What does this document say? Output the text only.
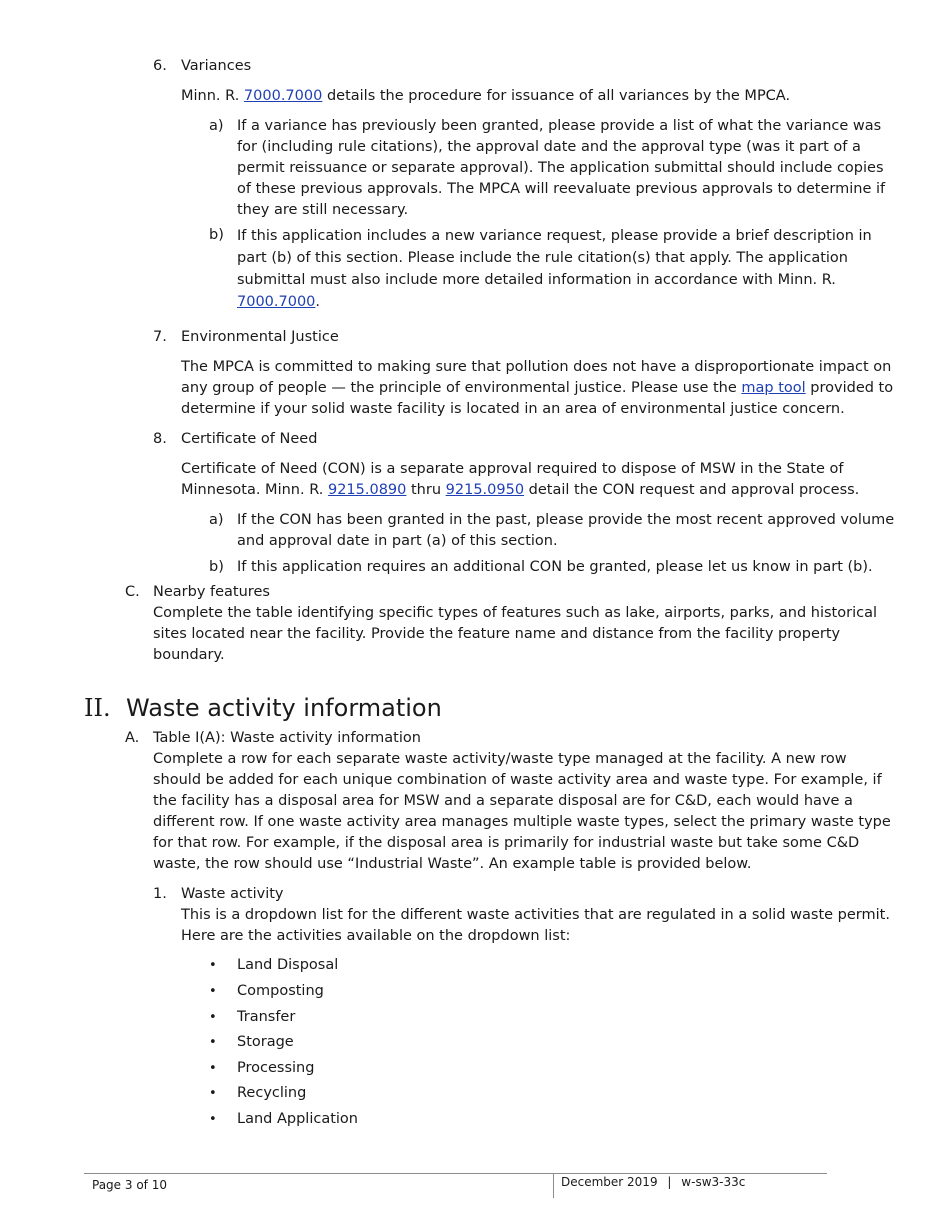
6. Variances
Minn. R. 7000.7000 details the procedure for issuance of all variances by the MPCA.
a) If a variance has previously been granted, please provide a list of what the variance was
for (including rule citations), the approval date and the approval type (was it part of a
permit reissuance or separate approval). The application submittal should include copies
of these previous approvals. The MPCA will reevaluate previous approvals to determine if
they are still necessary.
b) If this application includes a new variance request, please provide a brief description in
part (b) of this section. Please include the rule citation(s) that apply. The application
submittal must also include more detailed information in accordance with Minn. R.
7000.7000.
7. Environmental Justice
The MPCA is committed to making sure that pollution does not have a disproportionate impact on
any group of people — the principle of environmental justice. Please use the map tool provided to
determine if your solid waste facility is located in an area of environmental justice concern.
8. Certificate of Need
Certificate of Need (CON) is a separate approval required to dispose of MSW in the State of
Minnesota. Minn. R. 9215.0890 thru 9215.0950 detail the CON request and approval process.
a) If the CON has been granted in the past, please provide the most recent approved volume
and approval date in part (a) of this section.
b) If this application requires an additional CON be granted, please let us know in part (b).
C. Nearby features
Complete the table identifying specific types of features such as lake, airports, parks, and historical
sites located near the facility. Provide the feature name and distance from the facility property
boundary.
II. Waste activity information
A. Table I(A): Waste activity information
Complete a row for each separate waste activity/waste type managed at the facility. A new row
should be added for each unique combination of waste activity area and waste type. For example, if
the facility has a disposal area for MSW and a separate disposal are for C&D, each would have a
different row. If one waste activity area manages multiple waste types, select the primary waste type
for that row. For example, if the disposal area is primarily for industrial waste but take some C&D
waste, the row should use “Industrial Waste”. An example table is provided below.
1. Waste activity
This is a dropdown list for the different waste activities that are regulated in a solid waste permit.
Here are the activities available on the dropdown list:
• Land Disposal
• Composting
• Transfer
• Storage
• Processing
• Recycling
• Land Application
Page 3 of 10	December 2019 | w-sw3-33c
